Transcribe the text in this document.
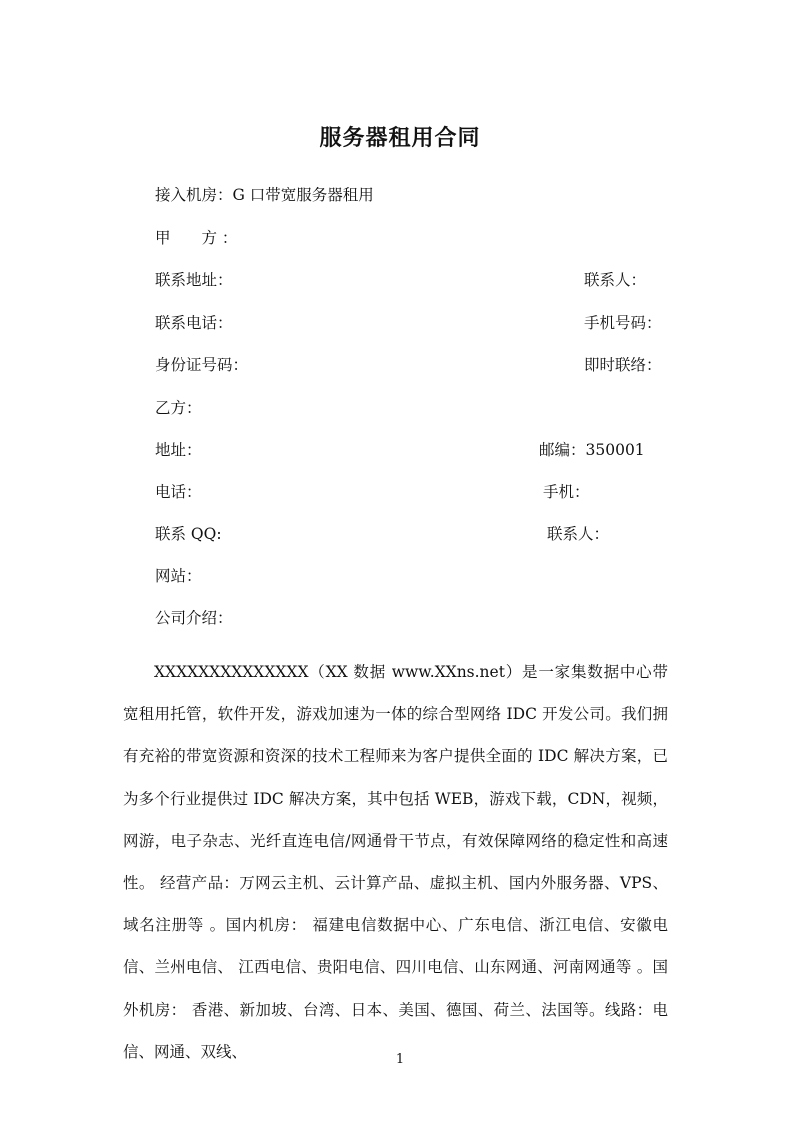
服务器租用合同
接入机房：G 口带宽服务器租用
甲　　方 ：
联系地址：	联系人：
联系电话：	手机号码：
身份证号码：	即时联络：
乙方：
地址：	邮编：350001
电话：	手机：
联系 QQ:	联系人：
网站：
公司介绍：

XXXXXXXXXXXXXX（XX 数据 www.XXns.net）是一家集数据中心带宽租用托管，软件开发，游戏加速为一体的综合型网络 IDC 开发公司。我们拥有充裕的带宽资源和资深的技术工程师来为客户提供全面的 IDC 解决方案，已为多个行业提供过 IDC 解决方案，其中包括 WEB，游戏下载，CDN，视频，网游，电子杂志、光纤直连电信/网通骨干节点，有效保障网络的稳定性和高速性。 经营产品：万网云主机、云计算产品、虚拟主机、国内外服务器、VPS、域名注册等 。国内机房： 福建电信数据中心、广东电信、浙江电信、安徽电信、兰州电信、 江西电信、贵阳电信、四川电信、山东网通、河南网通等 。国外机房： 香港、新加坡、台湾、日本、美国、德国、荷兰、法国等。线路：电信、网通、双线、	1
